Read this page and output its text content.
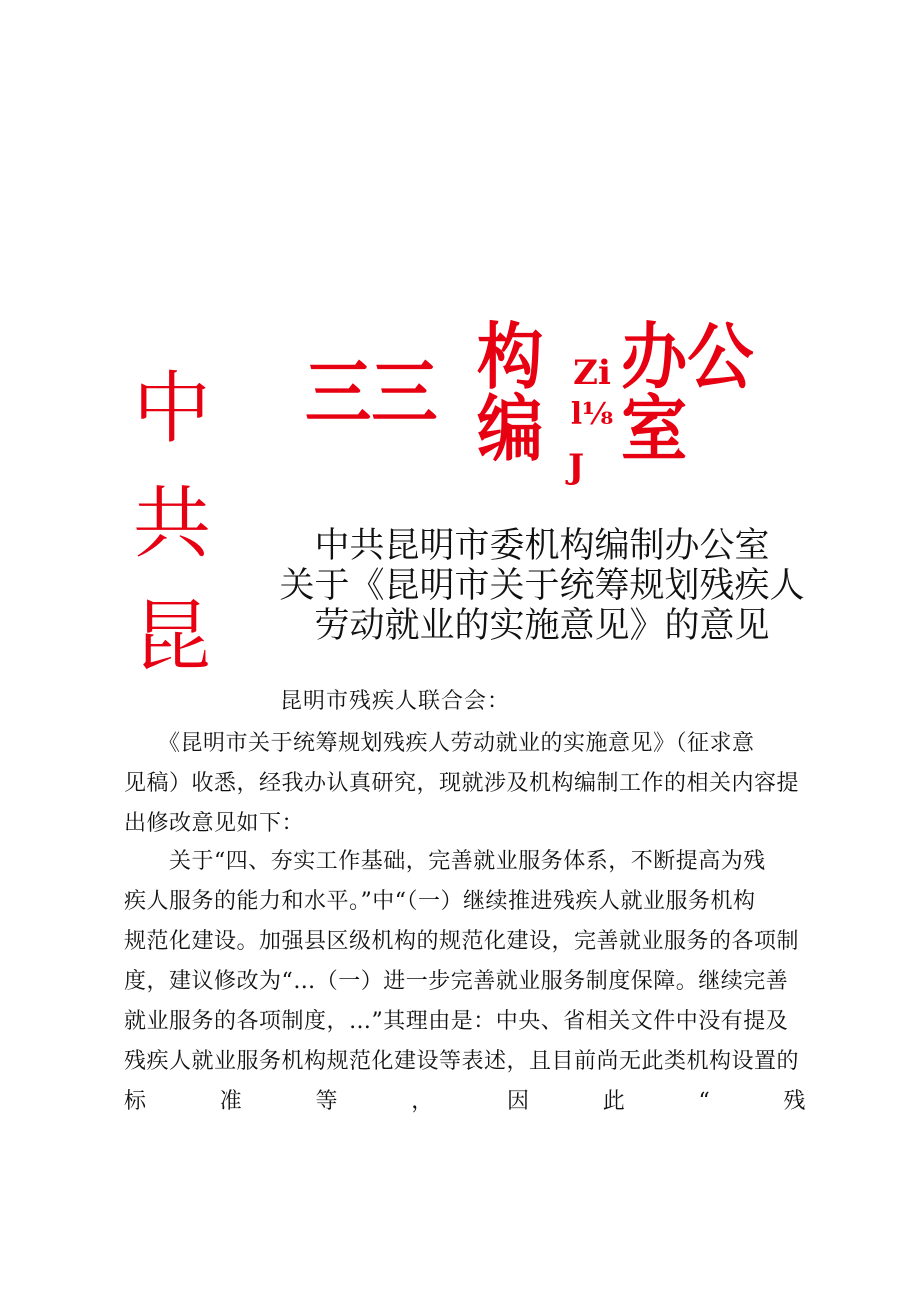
中
共
昆
三三 构编
Zi
l⅛
办公室
J
中共昆明市委机构编制办公室
关于《昆明市关于统筹规划残疾人
劳动就业的实施意见》的意见
昆明市残疾人联合会：
　　《昆明市关于统筹规划残疾人劳动就业的实施意见》（征求意
见稿）收悉，经我办认真研究，现就涉及机构编制工作的相关内容提
出修改意见如下：
　　关于“四、夯实工作基础，完善就业服务体系，不断提高为残
疾人服务的能力和水平。”中“（一）继续推进残疾人就业服务机构
规范化建设。加强县区级机构的规范化建设，完善就业服务的各项制
度，建议修改为“…（一）进一步完善就业服务制度保障。继续完善
就业服务的各项制度，…”其理由是：中央、省相关文件中没有提及
残疾人就业服务机构规范化建设等表述，且目前尚无此类机构设置的
标	准	等	，	因	此	“	残
